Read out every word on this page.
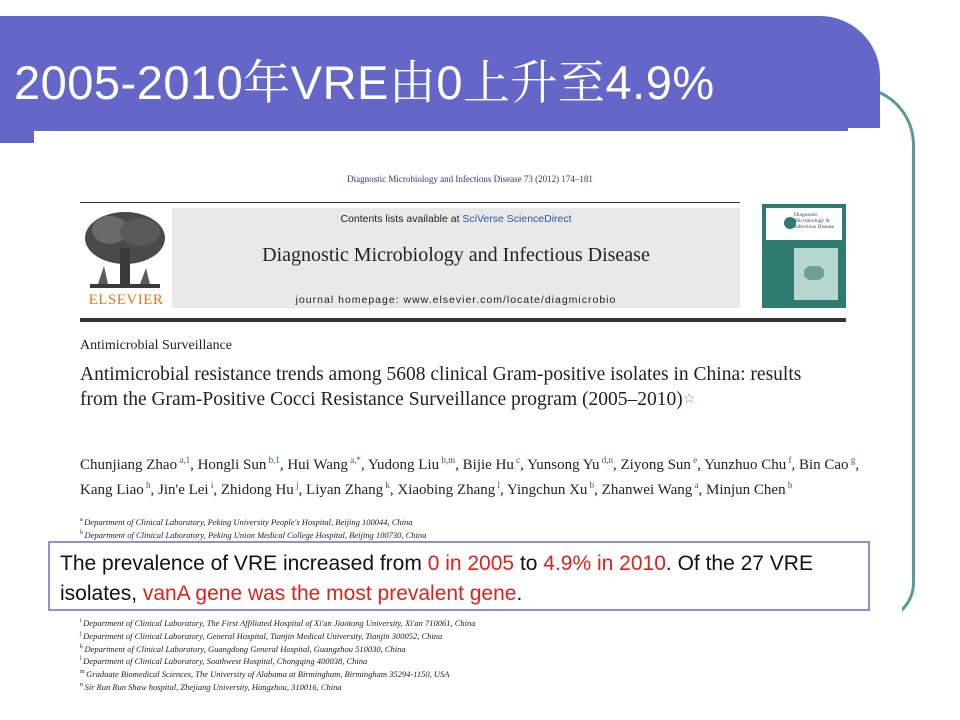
2005-2010年VRE由0上升至4.9%
Diagnostic Microbiology and Infectious Disease 73 (2012) 174–181
ELSEVIER
Contents lists available at SciVerse ScienceDirect
Diagnostic Microbiology and Infectious Disease
journal homepage: www.elsevier.com/locate/diagmicrobio
Diagnostic Microbiology & Infectious Disease
Antimicrobial Surveillance
Antimicrobial resistance trends among 5608 clinical Gram-positive isolates in China: results from the Gram-Positive Cocci Resistance Surveillance program (2005–2010)☆
Chunjiang Zhao $^{a,1}$, Hongli Sun $^{b,1}$, Hui Wang $^{a,*}$, Yudong Liu $^{b,m}$, Bijie Hu $^c$, Yunsong Yu $^{d,n}$, Ziyong Sun $^e$, Yunzhuo Chu $^f$, Bin Cao $^g$, Kang Liao $^h$, Jin'e Lei $^i$, Zhidong Hu $^j$, Liyan Zhang $^k$, Xiaobing Zhang $^l$, Yingchun Xu $^b$, Zhanwei Wang $^a$, Minjun Chen $^b$
$^a$ Department of Clinical Laboratory, Peking University People's Hospital, Beijing 100044, China
$^b$ Department of Clinical Laboratory, Peking Union Medical College Hospital, Beijing 100730, China
$^i$ Department of Clinical Laboratory, The First Affiliated Hospital of Xi'an Jiaotong University, Xi'an 710061, China
$^j$ Department of Clinical Laboratory, General Hospital, Tianjin Medical University, Tianjin 300052, China
$^k$ Department of Clinical Laboratory, Guangdong General Hospital, Guangzhou 510030, China
$^l$ Department of Clinical Laboratory, Southwest Hospital, Chongqing 400038, China
$^m$ Graduate Biomedical Sciences, The University of Alabama at Birmingham, Birmingham 35294-1150, USA
$^n$ Sir Run Run Shaw hospital, Zhejiang University, Hangzhou, 310016, China
The prevalence of VRE increased from 0 in 2005 to 4.9% in 2010. Of the 27 VRE isolates, vanA gene was the most prevalent gene.
